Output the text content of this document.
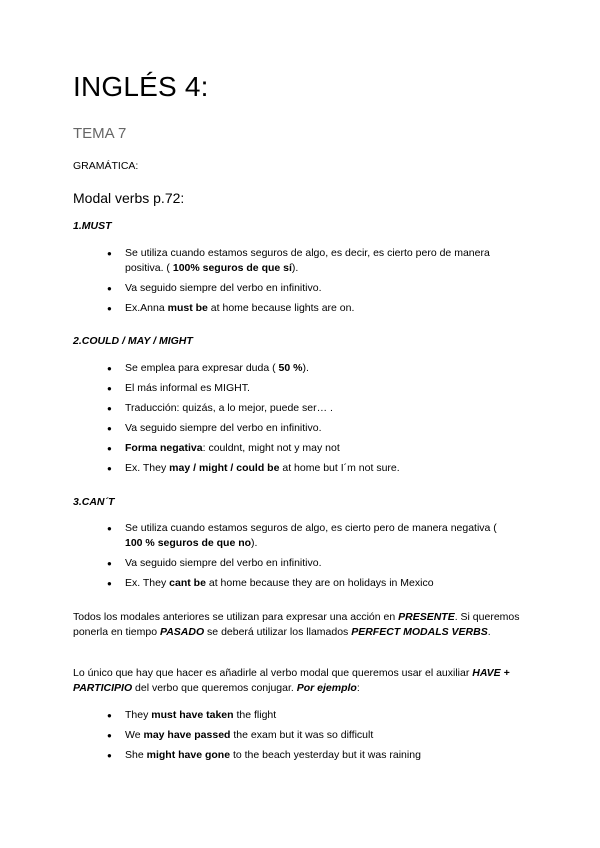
INGLÉS 4:
TEMA 7
GRAMÁTICA:
Modal verbs p.72:
1.MUST
● Se utiliza cuando estamos seguros de algo, es decir, es cierto pero de manera positiva. ( 100% seguros de que sí).
● Va seguido siempre del verbo en infinitivo.
● Ex.Anna must be at home because lights are on.
2.COULD / MAY / MIGHT
● Se emplea para expresar duda ( 50 %).
● El más informal es MIGHT.
● Traducción: quizás, a lo mejor, puede ser… .
● Va seguido siempre del verbo en infinitivo.
● Forma negativa: couldnt, might not y may not
● Ex. They may / might / could be at home but I´m not sure.
3.CAN´T
● Se utiliza cuando estamos seguros de algo, es cierto pero de manera negativa ( 100 % seguros de que no).
● Va seguido siempre del verbo en infinitivo.
● Ex. They cant be at home because they are on holidays in Mexico
Todos los modales anteriores se utilizan para expresar una acción en PRESENTE. Si queremos ponerla en tiempo PASADO se deberá utilizar los llamados PERFECT MODALS VERBS.
Lo único que hay que hacer es añadirle al verbo modal que queremos usar el auxiliar HAVE + PARTICIPIO del verbo que queremos conjugar. Por ejemplo:
● They must have taken the flight
● We may have passed the exam but it was so difficult
● She might have gone to the beach yesterday but it was raining
